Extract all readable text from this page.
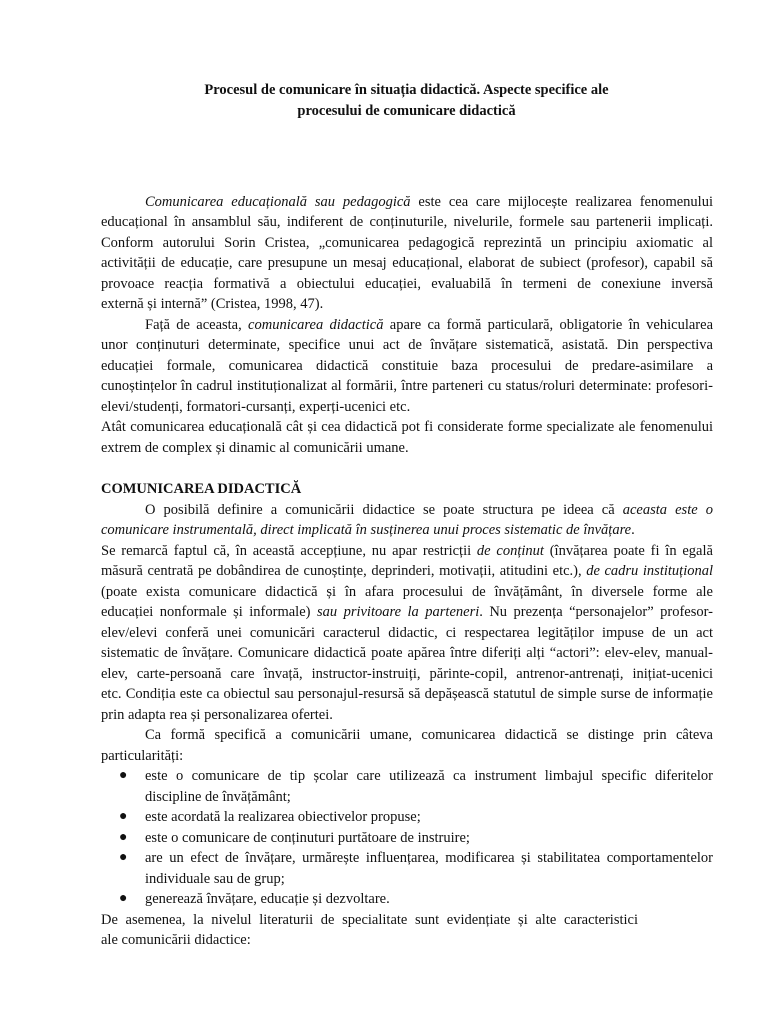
Procesul de comunicare în situația didactică. Aspecte specifice ale
procesului de comunicare didactică
Comunicarea educațională sau pedagogică este cea care mijlocește realizarea fenomenului
educațional în ansamblul său, indiferent de conținuturile, nivelurile, formele sau partenerii implicați.
Conform autorului Sorin Cristea, „comunicarea pedagogică reprezintă un principiu axiomatic al
activității de educație, care presupune un mesaj educațional, elaborat de subiect (profesor), capabil să
provoace reacția formativă a obiectului educației, evaluabilă în termeni de conexiune inversă
externă și internă” (Cristea, 1998, 47).
Față de aceasta, comunicarea didactică apare ca formă particulară, obligatorie în vehicularea
unor conținuturi determinate, specifice unui act de învățare sistematică, asistată. Din perspectiva
educației formale, comunicarea didactică constituie baza procesului de predare-asimilare a
cunoștințelor în cadrul instituționalizat al formării, între parteneri cu status/roluri determinate: profesori-
elevi/studenți, formatori-cursanți, experți-ucenici etc.
Atât comunicarea educațională cât și cea didactică pot fi considerate forme specializate ale fenomenului
extrem de complex și dinamic al comunicării umane.
COMUNICAREA DIDACTICĂ
O posibilă definire a comunicării didactice se poate structura pe ideea că aceasta este o
comunicare instrumentală, direct implicată în susținerea unui proces sistematic de învățare.
Se remarcă faptul că, în această accepțiune, nu apar restricții de conținut (învățarea poate fi în egală
măsură centrată pe dobândirea de cunoștințe, deprinderi, motivații, atitudini etc.), de cadru instituțional
(poate exista comunicare didactică și în afara procesului de învățământ, în diversele forme ale
educației nonformale și informale) sau privitoare la parteneri. Nu prezența “personajelor” profesor-
elev/elevi conferă unei comunicări caracterul didactic, ci respectarea legităților impuse de un act
sistematic de învățare. Comunicare didactică poate apărea între diferiți alți “actori”: elev-elev, manual-
elev, carte-persoană care învață, instructor-instruiți, părinte-copil, antrenor-antrenați, inițiat-ucenici
etc. Condiția este ca obiectul sau personajul-resursă să depășească statutul de simple surse de informație
prin adapta rea și personalizarea ofertei.
Ca formă specifică a comunicării umane, comunicarea didactică se distinge prin câteva
particularități:
● este o comunicare de tip școlar care utilizează ca instrument limbajul specific diferitelor
discipline de învățământ;
● este acordată la realizarea obiectivelor propuse;
● este o comunicare de conținuturi purtătoare de instruire;
● are un efect de învățare, urmărește influențarea, modificarea și stabilitatea comportamentelor
individuale sau de grup;
● generează învățare, educație și dezvoltare.
De asemenea, la nivelul literaturii de specialitate sunt evidențiate și alte caracteristici
ale comunicării didactice:
